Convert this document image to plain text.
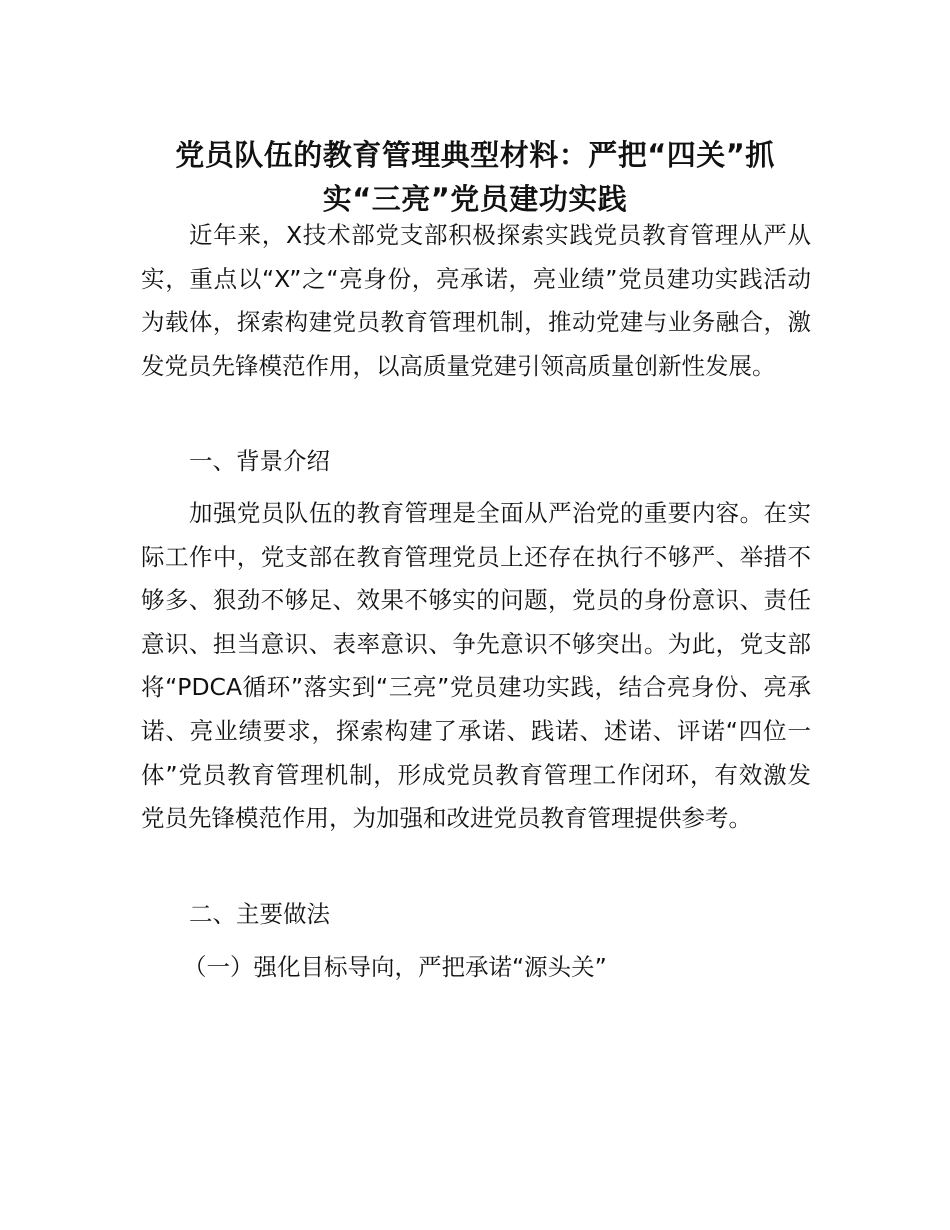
党员队伍的教育管理典型材料：严把“四关”抓
实“三亮”党员建功实践

近年来，X技术部党支部积极探索实践党员教育管理从严从实，重点以“X”之“亮身份，亮承诺，亮业绩”党员建功实践活动为载体，探索构建党员教育管理机制，推动党建与业务融合，激发党员先锋模范作用，以高质量党建引领高质量创新性发展。

一、背景介绍

加强党员队伍的教育管理是全面从严治党的重要内容。在实际工作中，党支部在教育管理党员上还存在执行不够严、举措不够多、狠劲不够足、效果不够实的问题，党员的身份意识、责任意识、担当意识、表率意识、争先意识不够突出。为此，党支部将“PDCA循环”落实到“三亮”党员建功实践，结合亮身份、亮承诺、亮业绩要求，探索构建了承诺、践诺、述诺、评诺“四位一体”党员教育管理机制，形成党员教育管理工作闭环，有效激发党员先锋模范作用，为加强和改进党员教育管理提供参考。

二、主要做法

（一）强化目标导向，严把承诺“源头关”
